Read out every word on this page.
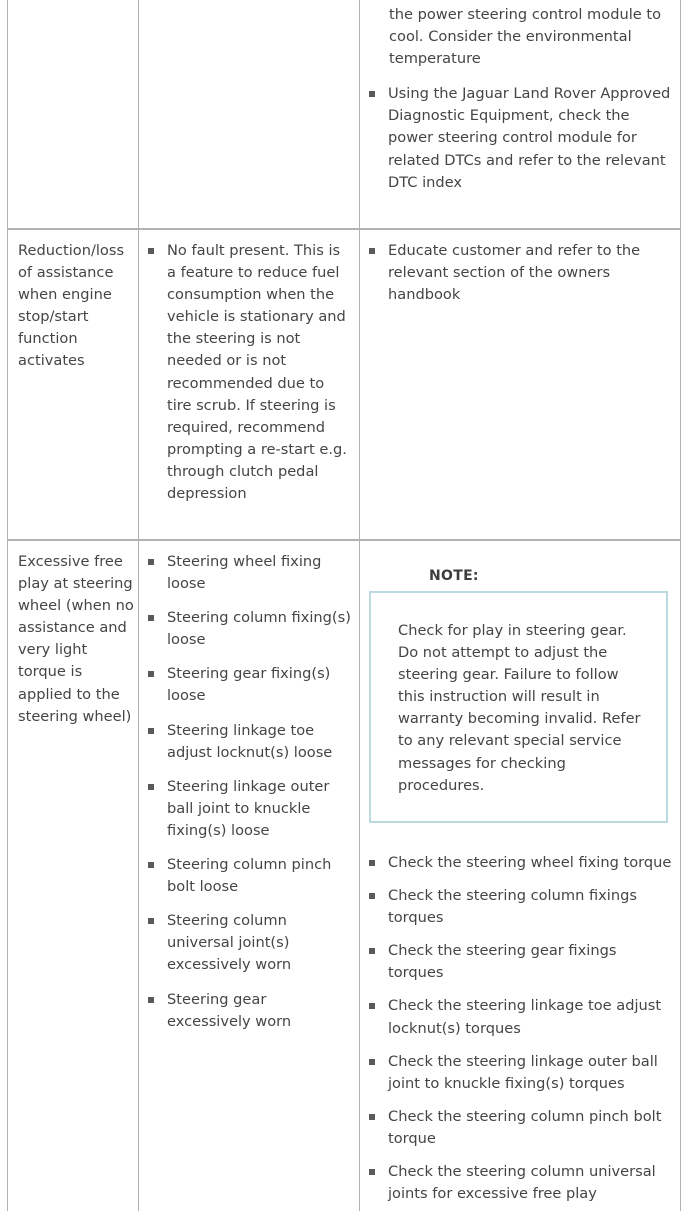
the power steering control module to cool. Consider the environmental temperature
Using the Jaguar Land Rover Approved Diagnostic Equipment, check the power steering control module for related DTCs and refer to the relevant DTC index

Reduction/loss of assistance when engine stop/start function activates

No fault present. This is a feature to reduce fuel consumption when the vehicle is stationary and the steering is not needed or is not recommended due to tire scrub. If steering is required, recommend prompting a re-start e.g. through clutch pedal depression
Educate customer and refer to the relevant section of the owners handbook

Excessive free play at steering wheel (when no assistance and very light torque is applied to the steering wheel)

Steering wheel fixing loose
Steering column fixing(s) loose
Steering gear fixing(s) loose
Steering linkage toe adjust locknut(s) loose
Steering linkage outer ball joint to knuckle fixing(s) loose
Steering column pinch bolt loose
Steering column universal joint(s) excessively worn
Steering gear excessively worn
NOTE:

Check for play in steering gear. Do not attempt to adjust the steering gear. Failure to follow this instruction will result in warranty becoming invalid. Refer to any relevant special service messages for checking procedures.

Check the steering wheel fixing torque
Check the steering column fixings torques
Check the steering gear fixings torques
Check the steering linkage toe adjust locknut(s) torques
Check the steering linkage outer ball joint to knuckle fixing(s) torques
Check the steering column pinch bolt torque
Check the steering column universal joints for excessive free play
